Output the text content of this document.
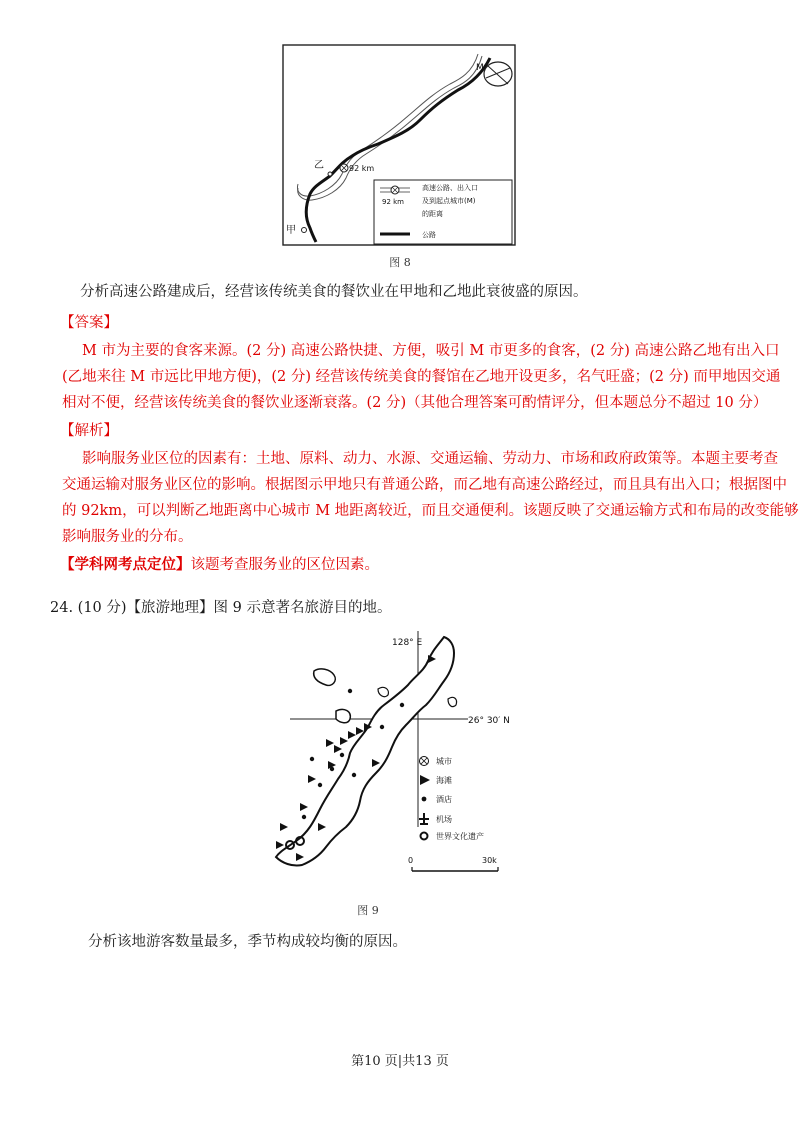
M
乙	92 km
甲
92 km
高速公路、出入口
及到起点城市(M)
的距离
公路
图 8
分析高速公路建成后，经营该传统美食的餐饮业在甲地和乙地此衰彼盛的原因。
【答案】
M 市为主要的食客来源。(2 分) 高速公路快捷、方便，吸引 M 市更多的食客，(2 分) 高速公路乙地有出入口
(乙地来往 M 市远比甲地方便)，(2 分) 经营该传统美食的餐馆在乙地开设更多，名气旺盛；(2 分) 而甲地因交通
相对不便，经营该传统美食的餐饮业逐渐衰落。(2 分)（其他合理答案可酌情评分，但本题总分不超过 10 分）
【解析】
影响服务业区位的因素有：土地、原料、动力、水源、交通运输、劳动力、市场和政府政策等。本题主要考查
交通运输对服务业区位的影响。根据图示甲地只有普通公路，而乙地有高速公路经过，而且具有出入口；根据图中
的 92km，可以判断乙地距离中心城市 M 地距离较近，而且交通便利。该题反映了交通运输方式和布局的改变能够
影响服务业的分布。
【学科网考点定位】该题考查服务业的区位因素。
24. (10 分)【旅游地理】图 9 示意著名旅游目的地。
128° E
26° 30′ N
城市
海滩
酒店
机场
世界文化遗产
0	30k
图 9
分析该地游客数量最多，季节构成较均衡的原因。
第10 页|共13 页
